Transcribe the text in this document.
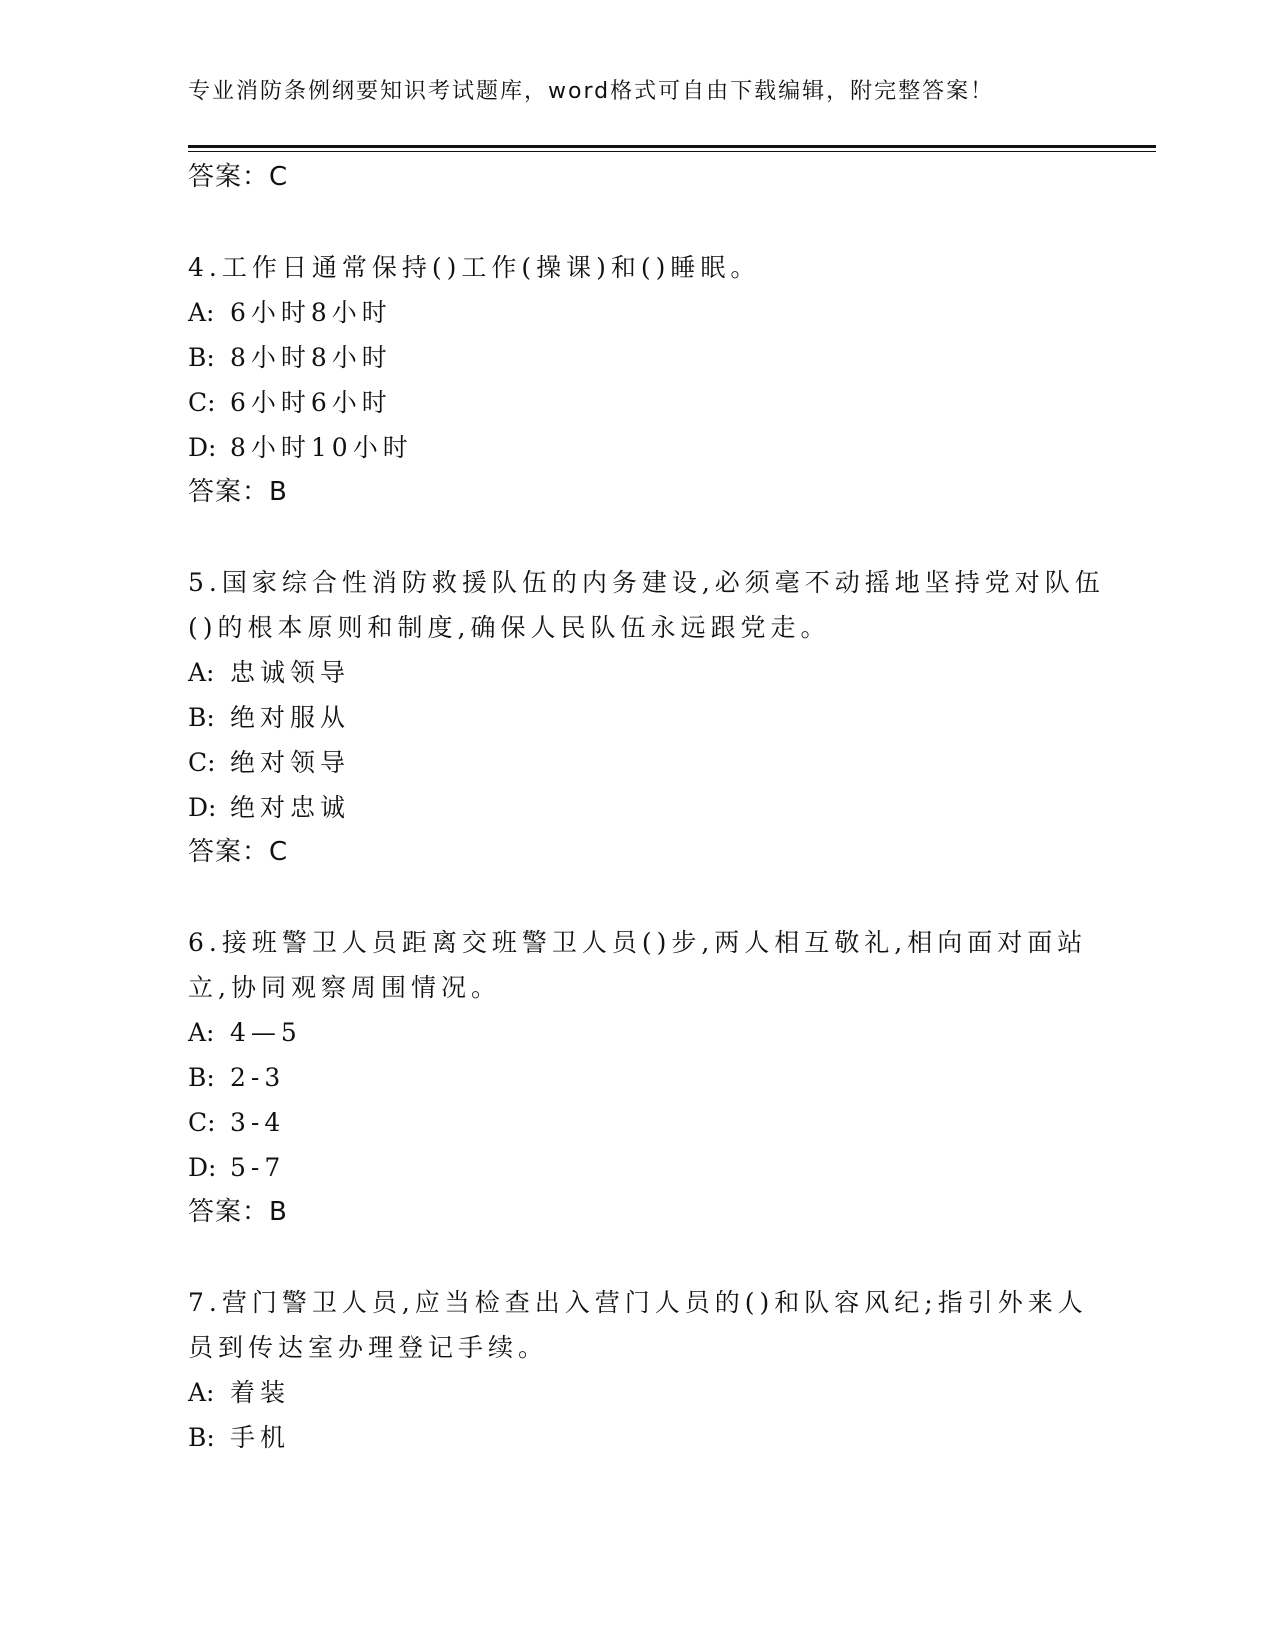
专业消防条例纲要知识考试题库，word格式可自由下载编辑，附完整答案！
答案：C
4.工作日通常保持()工作(操课)和()睡眠。
A: 6小时8小时
B: 8小时8小时
C: 6小时6小时
D: 8小时10小时
答案：B
5.国家综合性消防救援队伍的内务建设,必须毫不动摇地坚持党对队伍
()的根本原则和制度,确保人民队伍永远跟党走。
A: 忠诚领导
B: 绝对服从
C: 绝对领导
D: 绝对忠诚
答案：C
6.接班警卫人员距离交班警卫人员()步,两人相互敬礼,相向面对面站
立,协同观察周围情况。
A: 4—5
B: 2-3
C: 3-4
D: 5-7
答案：B
7.营门警卫人员,应当检查出入营门人员的()和队容风纪;指引外来人
员到传达室办理登记手续。
A: 着装
B: 手机
